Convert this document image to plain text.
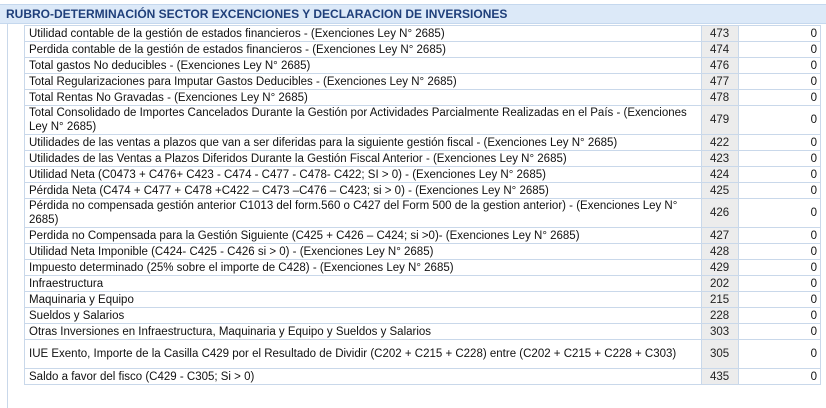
RUBRO-DETERMINACIÓN SECTOR EXCENCIONES Y DECLARACION DE INVERSIONES
Utilidad contable de la gestión de estados financieros - (Exenciones Ley N° 2685)	473	0
Perdida contable de la gestión de estados financieros - (Exenciones Ley N° 2685)	474	0
Total gastos No deducibles - (Exenciones Ley N° 2685)	476	0
Total Regularizaciones para Imputar Gastos Deducibles - (Exenciones Ley N° 2685)	477	0
Total Rentas No Gravadas - (Exenciones Ley N° 2685)	478	0
Total Consolidado de Importes Cancelados Durante la Gestión por Actividades Parcialmente Realizadas en el País - (Exenciones Ley N° 2685)	479	0
Utilidades de las ventas a plazos que van a ser diferidas para la siguiente gestión fiscal - (Exenciones Ley N° 2685)	422	0
Utilidades de las Ventas a Plazos Diferidos Durante la Gestión Fiscal Anterior - (Exenciones Ley N° 2685)	423	0
Utilidad Neta (C0473 + C476+ C423 - C474 - C477 - C478- C422; SI > 0) - (Exenciones Ley N° 2685)	424	0
Pérdida Neta (C474 + C477 + C478 +C422 – C473 –C476 – C423; si > 0) - (Exenciones Ley N° 2685)	425	0
Pérdida no compensada gestión anterior C1013 del form.560 o C427 del Form 500 de la gestion anterior) - (Exenciones Ley N° 2685)	426	0
Perdida no Compensada para la Gestión Siguiente (C425 + C426 – C424; si >0)- (Exenciones Ley N° 2685)	427	0
Utilidad Neta Imponible (C424- C425 - C426 si > 0) - (Exenciones Ley N° 2685)	428	0
Impuesto determinado (25% sobre el importe de C428) - (Exenciones Ley N° 2685)	429	0
Infraestructura	202	0
Maquinaria y Equipo	215	0
Sueldos y Salarios	228	0
Otras Inversiones en Infraestructura, Maquinaria y Equipo y Sueldos y Salarios	303	0
IUE Exento, Importe de la Casilla C429 por el Resultado de Dividir (C202 + C215 + C228) entre (C202 + C215 + C228 + C303)	305	0
Saldo a favor del fisco (C429 - C305; Si > 0)	435	0
